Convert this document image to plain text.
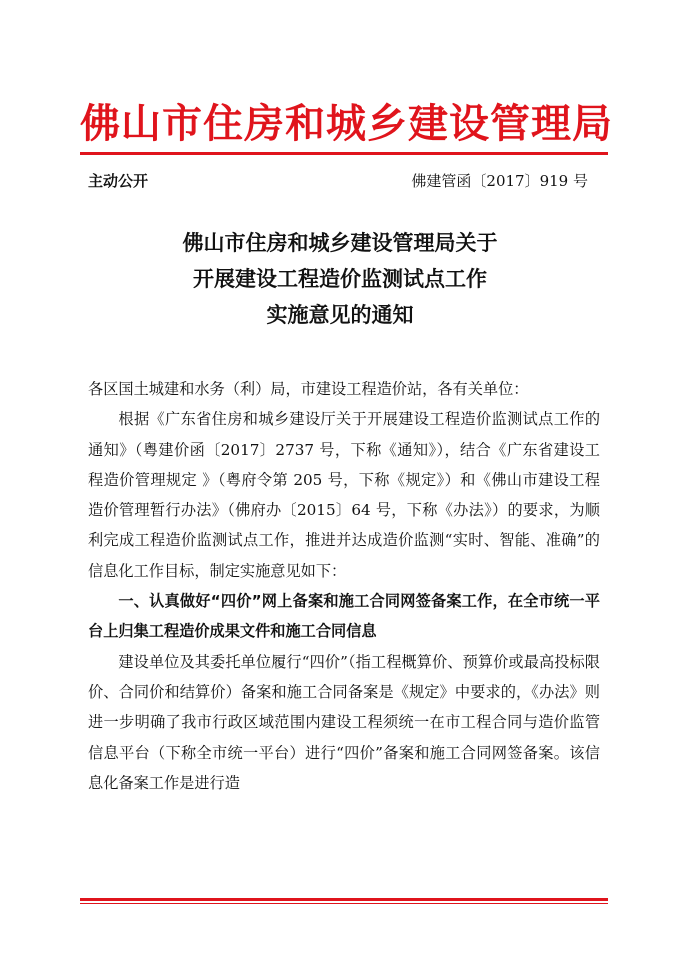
佛山市住房和城乡建设管理局
主动公开	佛建管函〔2017〕919 号
佛山市住房和城乡建设管理局关于
开展建设工程造价监测试点工作
实施意见的通知

各区国土城建和水务（利）局，市建设工程造价站，各有关单位：

根据《广东省住房和城乡建设厅关于开展建设工程造价监测试点工作的通知》（粤建价函〔2017〕2737 号，下称《通知》），结合《广东省建设工程造价管理规定 》（粤府令第 205 号，下称《规定》）和《佛山市建设工程造价管理暂行办法》（佛府办〔2015〕64 号，下称《办法》）的要求，为顺利完成工程造价监测试点工作，推进并达成造价监测“实时、智能、准确”的信息化工作目标，制定实施意见如下：

一、认真做好“四价”网上备案和施工合同网签备案工作，在全市统一平台上归集工程造价成果文件和施工合同信息

建设单位及其委托单位履行“四价”（指工程概算价、预算价或最高投标限价、合同价和结算价）备案和施工合同备案是《规定》中要求的，《办法》则进一步明确了我市行政区域范围内建设工程须统一在市工程合同与造价监管信息平台（下称全市统一平台）进行“四价”备案和施工合同网签备案。该信息化备案工作是进行造
